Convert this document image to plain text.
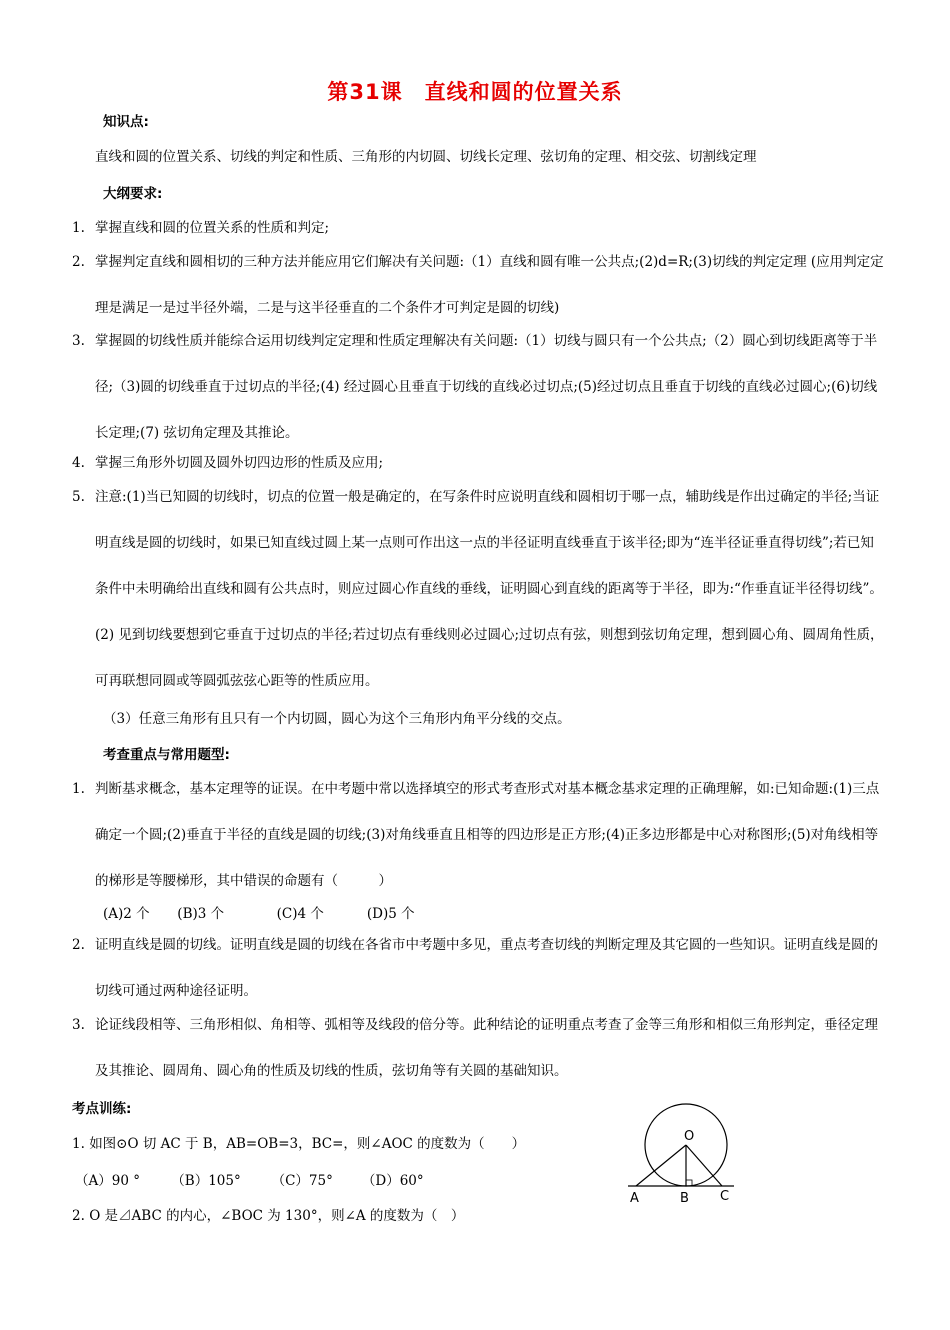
第31课　直线和圆的位置关系
知识点:
直线和圆的位置关系、切线的判定和性质、三角形的内切圆、切线长定理、弦切角的定理、相交弦、切割线定理
大纲要求:
1. 掌握直线和圆的位置关系的性质和判定;
2. 掌握判定直线和圆相切的三种方法并能应用它们解决有关问题:（1）直线和圆有唯一公共点;(2)d=R;(3)切线的判定定理 (应用判定定理是满足一是过半径外端，二是与这半径垂直的二个条件才可判定是圆的切线)
3. 掌握圆的切线性质并能综合运用切线判定定理和性质定理解决有关问题:（1）切线与圆只有一个公共点;（2）圆心到切线距离等于半径;（3)圆的切线垂直于过切点的半径;(4) 经过圆心且垂直于切线的直线必过切点;(5)经过切点且垂直于切线的直线必过圆心;(6)切线长定理;(7) 弦切角定理及其推论。
4. 掌握三角形外切圆及圆外切四边形的性质及应用;
5. 注意:(1)当已知圆的切线时，切点的位置一般是确定的，在写条件时应说明直线和圆相切于哪一点，辅助线是作出过确定的半径;当证明直线是圆的切线时，如果已知直线过圆上某一点则可作出这一点的半径证明直线垂直于该半径;即为“连半径证垂直得切线”;若已知条件中未明确给出直线和圆有公共点时，则应过圆心作直线的垂线，证明圆心到直线的距离等于半径，即为:“作垂直证半径得切线”。(2) 见到切线要想到它垂直于过切点的半径;若过切点有垂线则必过圆心;过切点有弦，则想到弦切角定理，想到圆心角、圆周角性质，可再联想同圆或等圆弧弦弦心距等的性质应用。
（3）任意三角形有且只有一个内切圆，圆心为这个三角形内角平分线的交点。
考查重点与常用题型:
1. 判断基求概念，基本定理等的证误。在中考题中常以选择填空的形式考查形式对基本概念基求定理的正确理解，如:已知命题:(1)三点确定一个圆;(2)垂直于半径的直线是圆的切线;(3)对角线垂直且相等的四边形是正方形;(4)正多边形都是中心对称图形;(5)对角线相等的梯形是等腰梯形，其中错误的命题有（　　　）
(A)2 个 (B)3 个	(C)4 个	(D)5 个
2. 证明直线是圆的切线。证明直线是圆的切线在各省市中考题中多见，重点考查切线的判断定理及其它圆的一些知识。证明直线是圆的切线可通过两种途径证明。
3. 论证线段相等、三角形相似、角相等、弧相等及线段的倍分等。此种结论的证明重点考查了金等三角形和相似三角形判定，垂径定理及其推论、圆周角、圆心角的性质及切线的性质，弦切角等有关圆的基础知识。
考点训练:
1. 如图⊙O 切 AC 于 B，AB=OB=3，BC=，则∠AOC 的度数为（　　）
（A）90 ° （B）105° （C）75° （D）60°
2. O 是⊿ABC 的内心，∠BOC 为 130°，则∠A 的度数为（　）
O
A	B C
